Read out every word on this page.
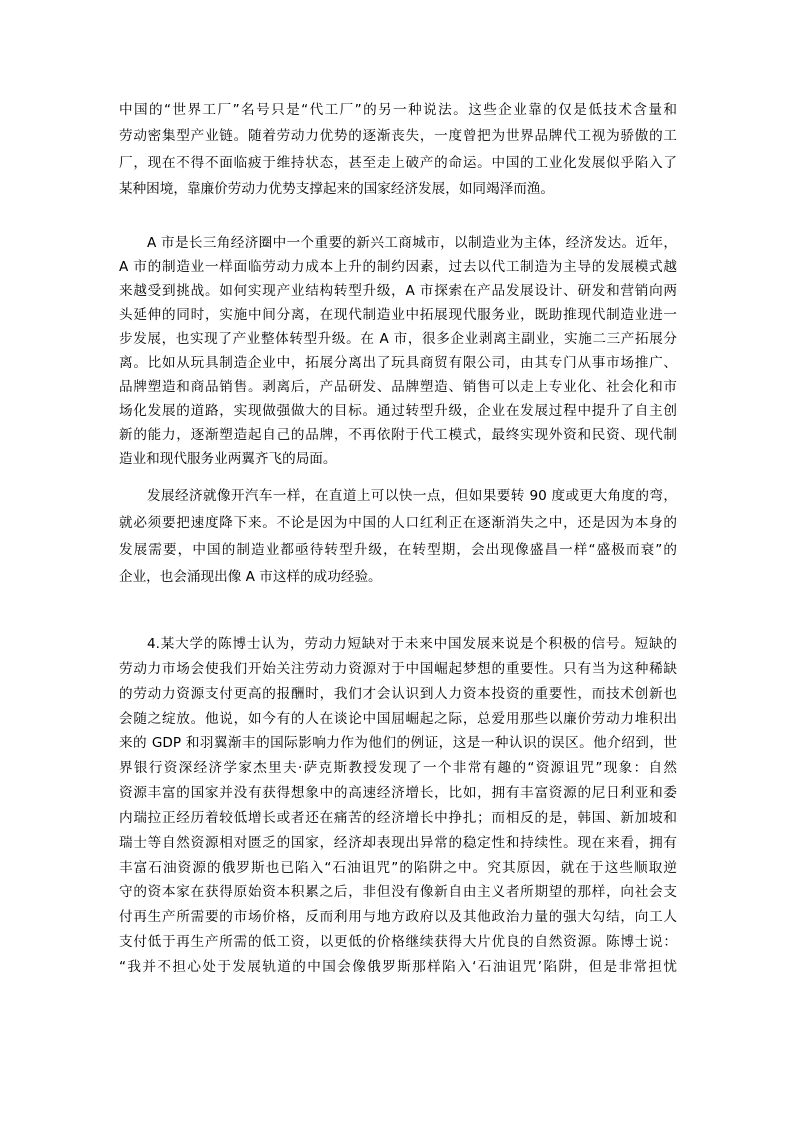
中国的“世界工厂”名号只是“代工厂”的另一种说法。这些企业靠的仅是低技术含量和
劳动密集型产业链。随着劳动力优势的逐渐丧失，一度曾把为世界品牌代工视为骄傲的工
厂，现在不得不面临疲于维持状态，甚至走上破产的命运。中国的工业化发展似乎陷入了
某种困境，靠廉价劳动力优势支撑起来的国家经济发展，如同竭泽而渔。
A 市是长三角经济圈中一个重要的新兴工商城市，以制造业为主体，经济发达。近年，
A 市的制造业一样面临劳动力成本上升的制约因素，过去以代工制造为主导的发展模式越
来越受到挑战。如何实现产业结构转型升级，A 市探索在产品发展设计、研发和营销向两
头延伸的同时，实施中间分离，在现代制造业中拓展现代服务业，既助推现代制造业进一
步发展，也实现了产业整体转型升级。在 A 市，很多企业剥离主副业，实施二三产拓展分
离。比如从玩具制造企业中，拓展分离出了玩具商贸有限公司，由其专门从事市场推广、
品牌塑造和商品销售。剥离后，产品研发、品牌塑造、销售可以走上专业化、社会化和市
场化发展的道路，实现做强做大的目标。通过转型升级，企业在发展过程中提升了自主创
新的能力，逐渐塑造起自己的品牌，不再依附于代工模式，最终实现外资和民资、现代制
造业和现代服务业两翼齐飞的局面。
发展经济就像开汽车一样，在直道上可以快一点，但如果要转 90 度或更大角度的弯，
就必须要把速度降下来。不论是因为中国的人口红利正在逐渐消失之中，还是因为本身的
发展需要，中国的制造业都亟待转型升级，在转型期，会出现像盛昌一样“盛极而衰”的
企业，也会涌现出像 A 市这样的成功经验。
4.某大学的陈博士认为，劳动力短缺对于未来中国发展来说是个积极的信号。短缺的
劳动力市场会使我们开始关注劳动力资源对于中国崛起梦想的重要性。只有当为这种稀缺
的劳动力资源支付更高的报酬时，我们才会认识到人力资本投资的重要性，而技术创新也
会随之绽放。他说，如今有的人在谈论中国屈崛起之际，总爱用那些以廉价劳动力堆积出
来的 GDP 和羽翼渐丰的国际影响力作为他们的例证，这是一种认识的误区。他介绍到，世
界银行资深经济学家杰里夫·萨克斯教授发现了一个非常有趣的“资源诅咒”现象：自然
资源丰富的国家并没有获得想象中的高速经济增长，比如，拥有丰富资源的尼日利亚和委
内瑞拉正经历着较低增长或者还在痛苦的经济增长中挣扎；而相反的是，韩国、新加坡和
瑞士等自然资源相对匮乏的国家，经济却表现出异常的稳定性和持续性。现在来看，拥有
丰富石油资源的俄罗斯也已陷入“石油诅咒”的陷阱之中。究其原因，就在于这些顺取逆
守的资本家在获得原始资本积累之后，非但没有像新自由主义者所期望的那样，向社会支
付再生产所需要的市场价格，反而利用与地方政府以及其他政治力量的强大勾结，向工人
支付低于再生产所需的低工资，以更低的价格继续获得大片优良的自然资源。陈博士说：
“我并不担心处于发展轨道的中国会像俄罗斯那样陷入‘石油诅咒’陷阱，但是非常担忧
